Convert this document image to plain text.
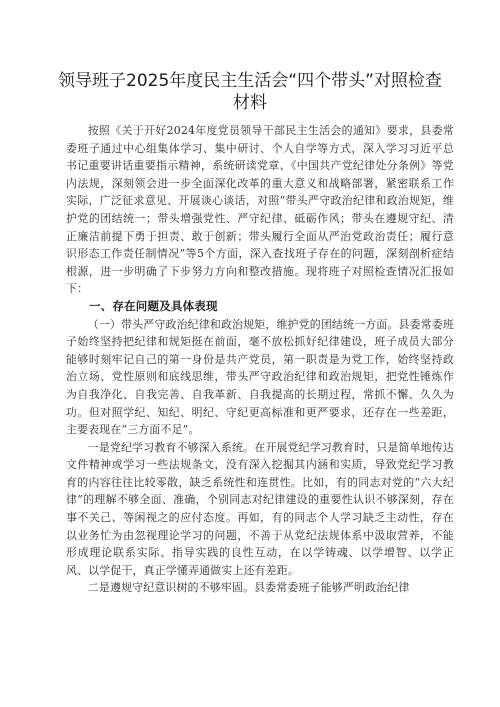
领导班子2025年度民主生活会“四个带头”对照检查材料

按照《关于开好2024年度党员领导干部民主生活会的通知》要求，县委常委班子通过中心组集体学习、集中研讨、个人自学等方式，深入学习习近平总书记重要讲话重要指示精神，系统研读党章、《中国共产党纪律处分条例》等党内法规，深刻领会进一步全面深化改革的重大意义和战略部署，紧密联系工作实际，广泛征求意见、开展谈心谈话，对照“带头严守政治纪律和政治规矩，维护党的团结统一；带头增强党性、严守纪律、砥砺作风；带头在遵规守纪、清正廉洁前提下勇于担责、敢于创新；带头履行全面从严治党政治责任；履行意识形态工作责任制情况”等5个方面，深入查找班子存在的问题，深刻剖析症结根源，进一步明确了下步努力方向和整改措施。现将班子对照检查情况汇报如下：

一、存在问题及具体表现

（一）带头严守政治纪律和政治规矩，维护党的团结统一方面。县委常委班子始终坚持把纪律和规矩挺在前面，毫不放松抓好纪律建设，班子成员大部分能够时刻牢记自己的第一身份是共产党员，第一职责是为党工作，始终坚持政治立场、党性原则和底线思维，带头严守政治纪律和政治规矩，把党性锤炼作为自我净化、自我完善、自我革新、自我提高的长期过程，常抓不懈、久久为功。但对照学纪、知纪、明纪、守纪更高标准和更严要求，还存在一些差距，主要表现在“三方面不足”。

一是党纪学习教育不够深入系统。在开展党纪学习教育时，只是简单地传达文件精神或学习一些法规条文，没有深入挖掘其内涵和实质，导致党纪学习教育的内容往往比较零散，缺乏系统性和连贯性。比如，有的同志对党的“六大纪律”的理解不够全面、准确，个别同志对纪律建设的重要性认识不够深刻，存在事不关己、等闲视之的应付态度。再如，有的同志个人学习缺乏主动性，存在以业务忙为由忽视理论学习的问题，不善于从党纪法规体系中汲取营养，不能形成理论联系实际、指导实践的良性互动，在以学铸魂、以学增智、以学正风、以学促干，真正学懂弄通做实上还有差距。

二是遵规守纪意识树的不够牢固。县委常委班子能够严明政治纪律
